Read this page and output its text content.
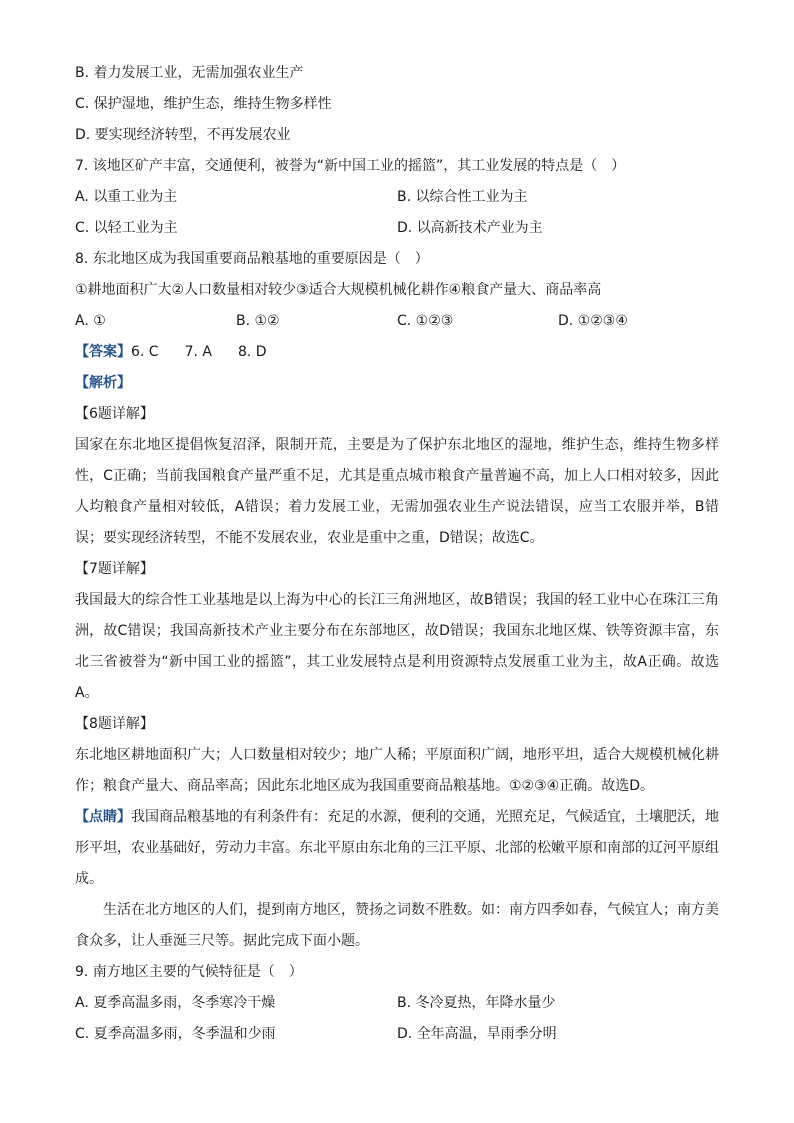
B. 着力发展工业，无需加强农业生产
C. 保护湿地，维护生态，维持生物多样性
D. 要实现经济转型，不再发展农业
7. 该地区矿产丰富，交通便利，被誉为“新中国工业的摇篮”，其工业发展的特点是（　）
A. 以重工业为主	B. 以综合性工业为主
C. 以轻工业为主	D. 以高新技术产业为主
8. 东北地区成为我国重要商品粮基地的重要原因是（　）
①耕地面积广大②人口数量相对较少③适合大规模机械化耕作④粮食产量大、商品率高
A. ①	B. ①②	C. ①②③	D. ①②③④
【答案】6. C 7. A 8. D
【解析】
【6题详解】
国家在东北地区提倡恢复沼泽，限制开荒，主要是为了保护东北地区的湿地，维护生态，维持生物多样性，C正确；当前我国粮食产量严重不足，尤其是重点城市粮食产量普遍不高，加上人口相对较多，因此人均粮食产量相对较低，A错误；着力发展工业，无需加强农业生产说法错误，应当工农服并举，B错误；要实现经济转型，不能不发展农业，农业是重中之重，D错误；故选C。
【7题详解】
我国最大的综合性工业基地是以上海为中心的长江三角洲地区，故B错误；我国的轻工业中心在珠江三角洲，故C错误；我国高新技术产业主要分布在东部地区，故D错误；我国东北地区煤、铁等资源丰富，东北三省被誉为“新中国工业的摇篮”，其工业发展特点是利用资源特点发展重工业为主，故A正确。故选A。
【8题详解】
东北地区耕地面积广大；人口数量相对较少；地广人稀；平原面积广阔，地形平坦，适合大规模机械化耕作；粮食产量大、商品率高；因此东北地区成为我国重要商品粮基地。①②③④正确。故选D。
【点睛】我国商品粮基地的有利条件有：充足的水源，便利的交通，光照充足，气候适宜，土壤肥沃，地形平坦，农业基础好，劳动力丰富。东北平原由东北角的三江平原、北部的松嫩平原和南部的辽河平原组成。
生活在北方地区的人们，提到南方地区，赞扬之词数不胜数。如：南方四季如春，气候宜人；南方美食众多，让人垂涎三尺等。据此完成下面小题。
9. 南方地区主要的气候特征是（　）
A. 夏季高温多雨，冬季寒冷干燥	B. 冬冷夏热，年降水量少
C. 夏季高温多雨，冬季温和少雨	D. 全年高温，旱雨季分明
